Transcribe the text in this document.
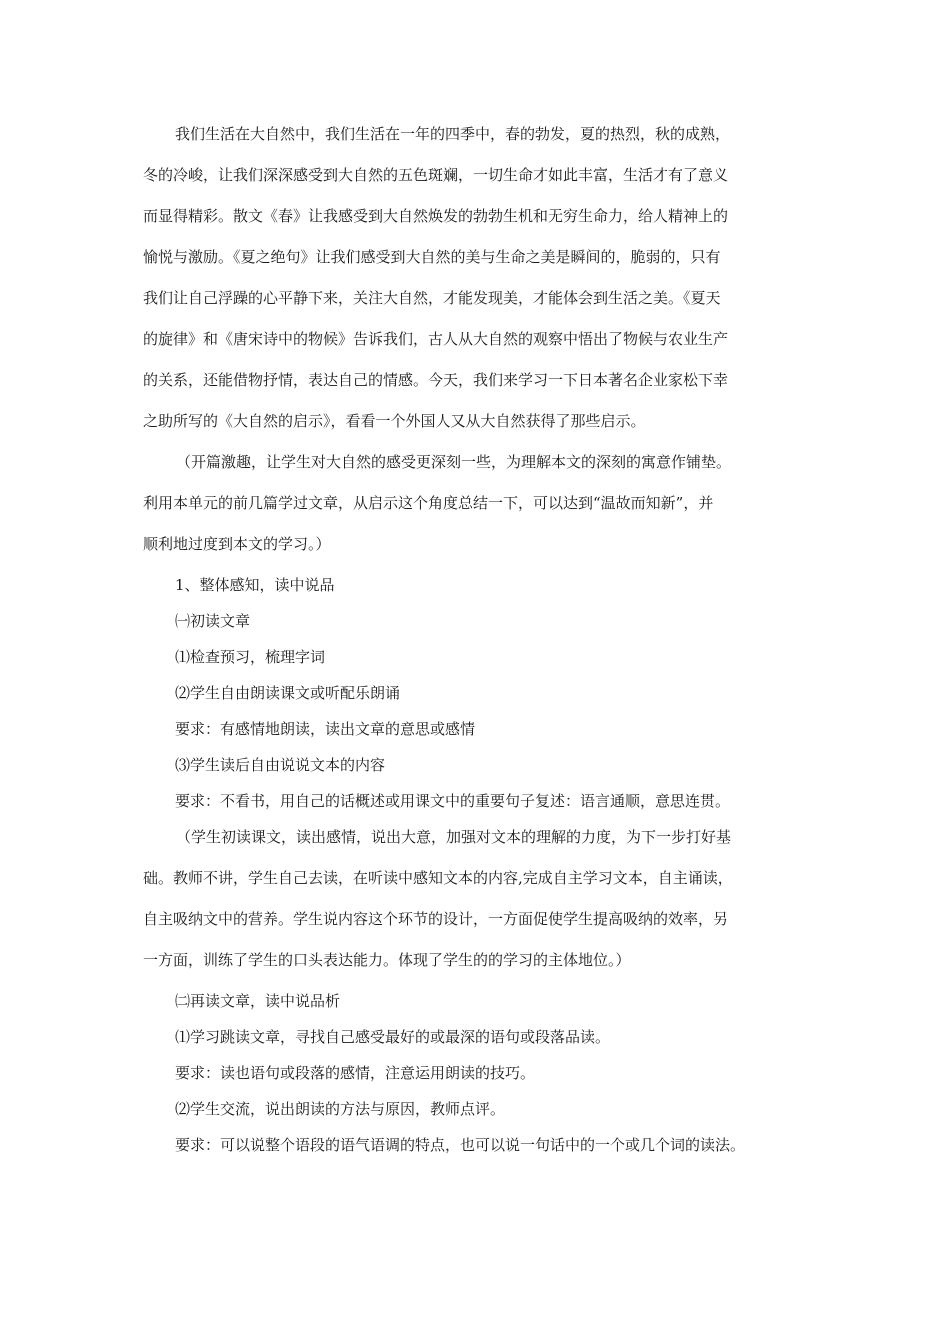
我们生活在大自然中，我们生活在一年的四季中，春的勃发，夏的热烈，秋的成熟，

冬的冷峻，让我们深深感受到大自然的五色斑斓，一切生命才如此丰富，生活才有了意义

而显得精彩。散文《春》让我感受到大自然焕发的勃勃生机和无穷生命力，给人精神上的

愉悦与激励。《夏之绝句》让我们感受到大自然的美与生命之美是瞬间的，脆弱的，只有

我们让自己浮躁的心平静下来，关注大自然，才能发现美，才能体会到生活之美。《夏天

的旋律》和《唐宋诗中的物候》告诉我们，古人从大自然的观察中悟出了物候与农业生产

的关系，还能借物抒情，表达自己的情感。今天，我们来学习一下日本著名企业家松下幸

之助所写的《大自然的启示》，看看一个外国人又从大自然获得了那些启示。

（开篇激趣，让学生对大自然的感受更深刻一些，为理解本文的深刻的寓意作铺垫。

利用本单元的前几篇学过文章，从启示这个角度总结一下，可以达到“温故而知新”，并

顺利地过度到本文的学习。）

1、整体感知，读中说品

㈠初读文章

⑴检查预习，梳理字词

⑵学生自由朗读课文或听配乐朗诵

要求：有感情地朗读，读出文章的意思或感情

⑶学生读后自由说说文本的内容

要求：不看书，用自己的话概述或用课文中的重要句子复述：语言通顺，意思连贯。

（学生初读课文，读出感情，说出大意，加强对文本的理解的力度，为下一步打好基

础。教师不讲，学生自己去读，在听读中感知文本的内容,完成自主学习文本，自主诵读，

自主吸纳文中的营养。学生说内容这个环节的设计，一方面促使学生提高吸纳的效率，另

一方面，训练了学生的口头表达能力。体现了学生的的学习的主体地位。）

㈡再读文章，读中说品析

⑴学习跳读文章，寻找自己感受最好的或最深的语句或段落品读。

要求：读也语句或段落的感情，注意运用朗读的技巧。

⑵学生交流，说出朗读的方法与原因，教师点评。

要求：可以说整个语段的语气语调的特点，也可以说一句话中的一个或几个词的读法。
